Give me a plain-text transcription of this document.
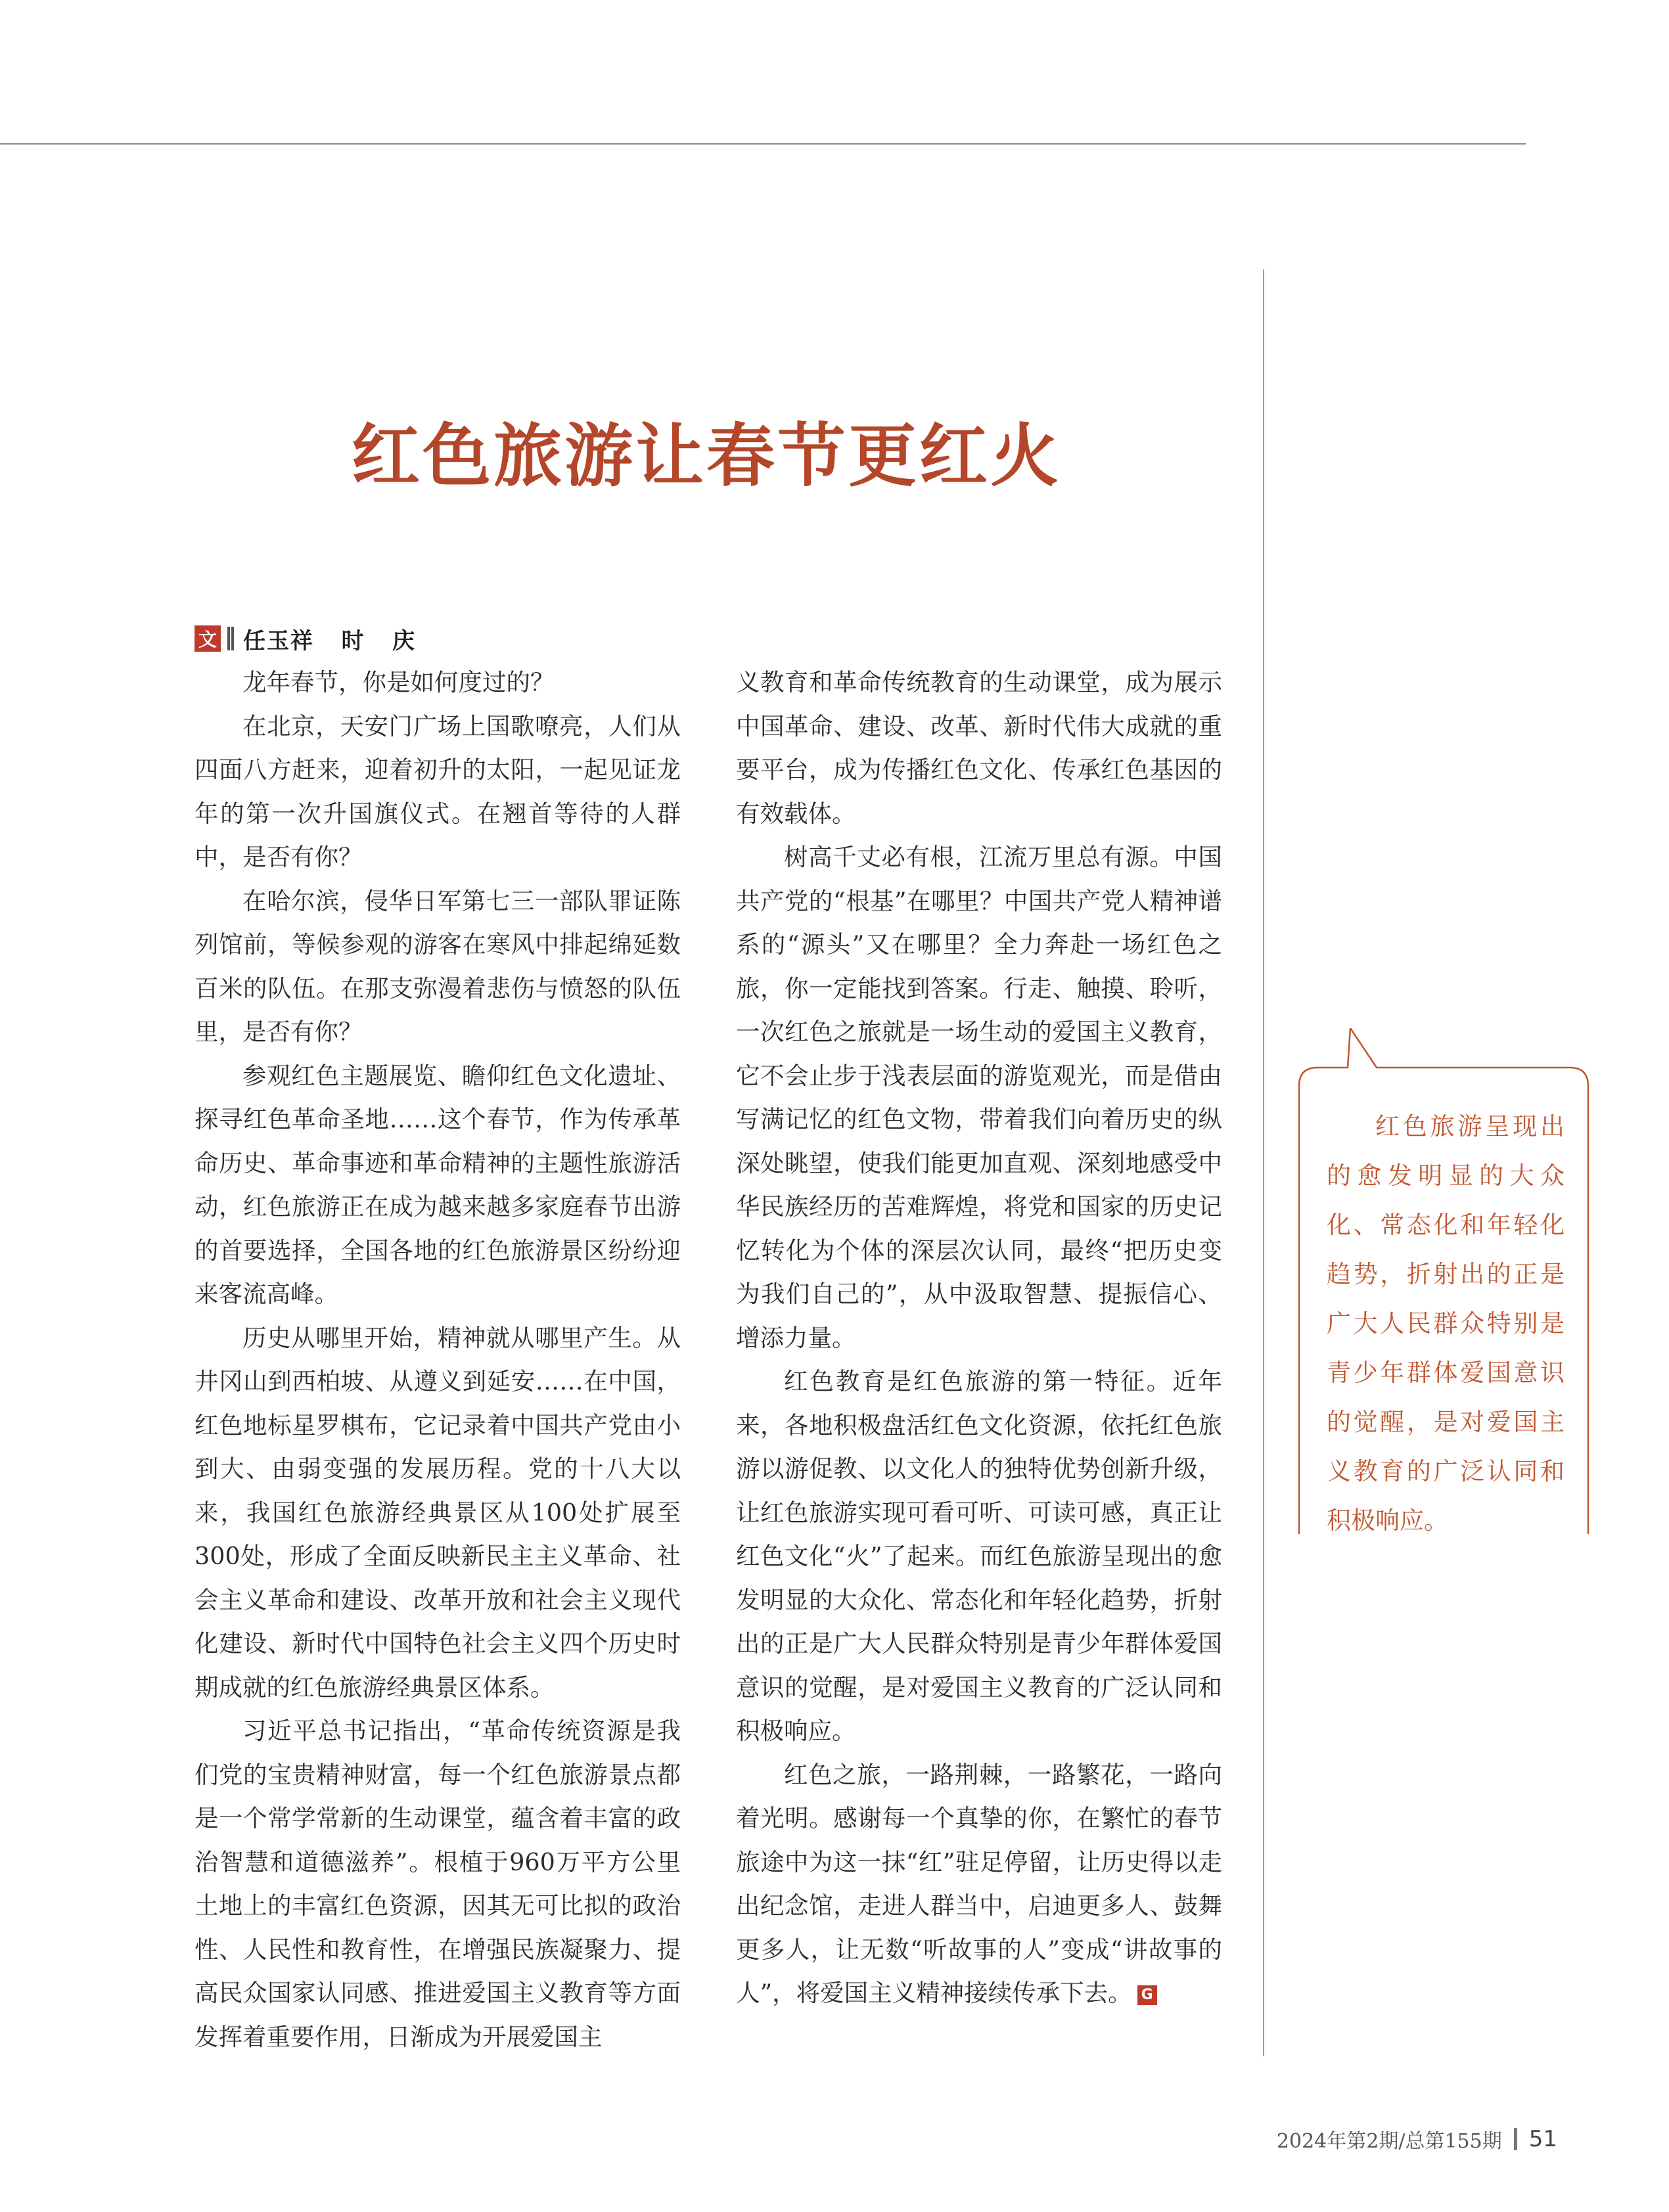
红色旅游让春节更红火
文 任玉祥   时   庆

龙年春节，你是如何度过的？

在北京，天安门广场上国歌嘹亮，人们从四面八方赶来，迎着初升的太阳，一起见证龙年的第一次升国旗仪式。在翘首等待的人群中，是否有你？

在哈尔滨，侵华日军第七三一部队罪证陈列馆前，等候参观的游客在寒风中排起绵延数百米的队伍。在那支弥漫着悲伤与愤怒的队伍里，是否有你？

参观红色主题展览、瞻仰红色文化遗址、探寻红色革命圣地……这个春节，作为传承革命历史、革命事迹和革命精神的主题性旅游活动，红色旅游正在成为越来越多家庭春节出游的首要选择，全国各地的红色旅游景区纷纷迎来客流高峰。

历史从哪里开始，精神就从哪里产生。从井冈山到西柏坡、从遵义到延安……在中国，红色地标星罗棋布，它记录着中国共产党由小到大、由弱变强的发展历程。党的十八大以来，我国红色旅游经典景区从100处扩展至300处，形成了全面反映新民主主义革命、社会主义革命和建设、改革开放和社会主义现代化建设、新时代中国特色社会主义四个历史时期成就的红色旅游经典景区体系。

习近平总书记指出，“革命传统资源是我们党的宝贵精神财富，每一个红色旅游景点都是一个常学常新的生动课堂，蕴含着丰富的政治智慧和道德滋养”。根植于960万平方公里土地上的丰富红色资源，因其无可比拟的政治性、人民性和教育性，在增强民族凝聚力、提高民众国家认同感、推进爱国主义教育等方面发挥着重要作用，日渐成为开展爱国主

义教育和革命传统教育的生动课堂，成为展示中国革命、建设、改革、新时代伟大成就的重要平台，成为传播红色文化、传承红色基因的有效载体。

树高千丈必有根，江流万里总有源。中国共产党的“根基”在哪里？中国共产党人精神谱系的“源头”又在哪里？全力奔赴一场红色之旅，你一定能找到答案。行走、触摸、聆听，一次红色之旅就是一场生动的爱国主义教育，它不会止步于浅表层面的游览观光，而是借由写满记忆的红色文物，带着我们向着历史的纵深处眺望，使我们能更加直观、深刻地感受中华民族经历的苦难辉煌，将党和国家的历史记忆转化为个体的深层次认同，最终“把历史变为我们自己的”，从中汲取智慧、提振信心、增添力量。

红色教育是红色旅游的第一特征。近年来，各地积极盘活红色文化资源，依托红色旅游以游促教、以文化人的独特优势创新升级，让红色旅游实现可看可听、可读可感，真正让红色文化“火”了起来。而红色旅游呈现出的愈发明显的大众化、常态化和年轻化趋势，折射出的正是广大人民群众特别是青少年群体爱国意识的觉醒，是对爱国主义教育的广泛认同和积极响应。

红色之旅，一路荆棘，一路繁花，一路向着光明。感谢每一个真挚的你，在繁忙的春节旅途中为这一抹“红”驻足停留，让历史得以走出纪念馆，走进人群当中，启迪更多人、鼓舞更多人，让无数“听故事的人”变成“讲故事的人”，将爱国主义精神接续传承下去。 G

红色旅游呈现出的愈发明显的大众化、常态化和年轻化趋势，折射出的正是广大人民群众特别是青少年群体爱国意识的觉醒，是对爱国主义教育的广泛认同和积极响应。
2024年第2期/总第155期 51
